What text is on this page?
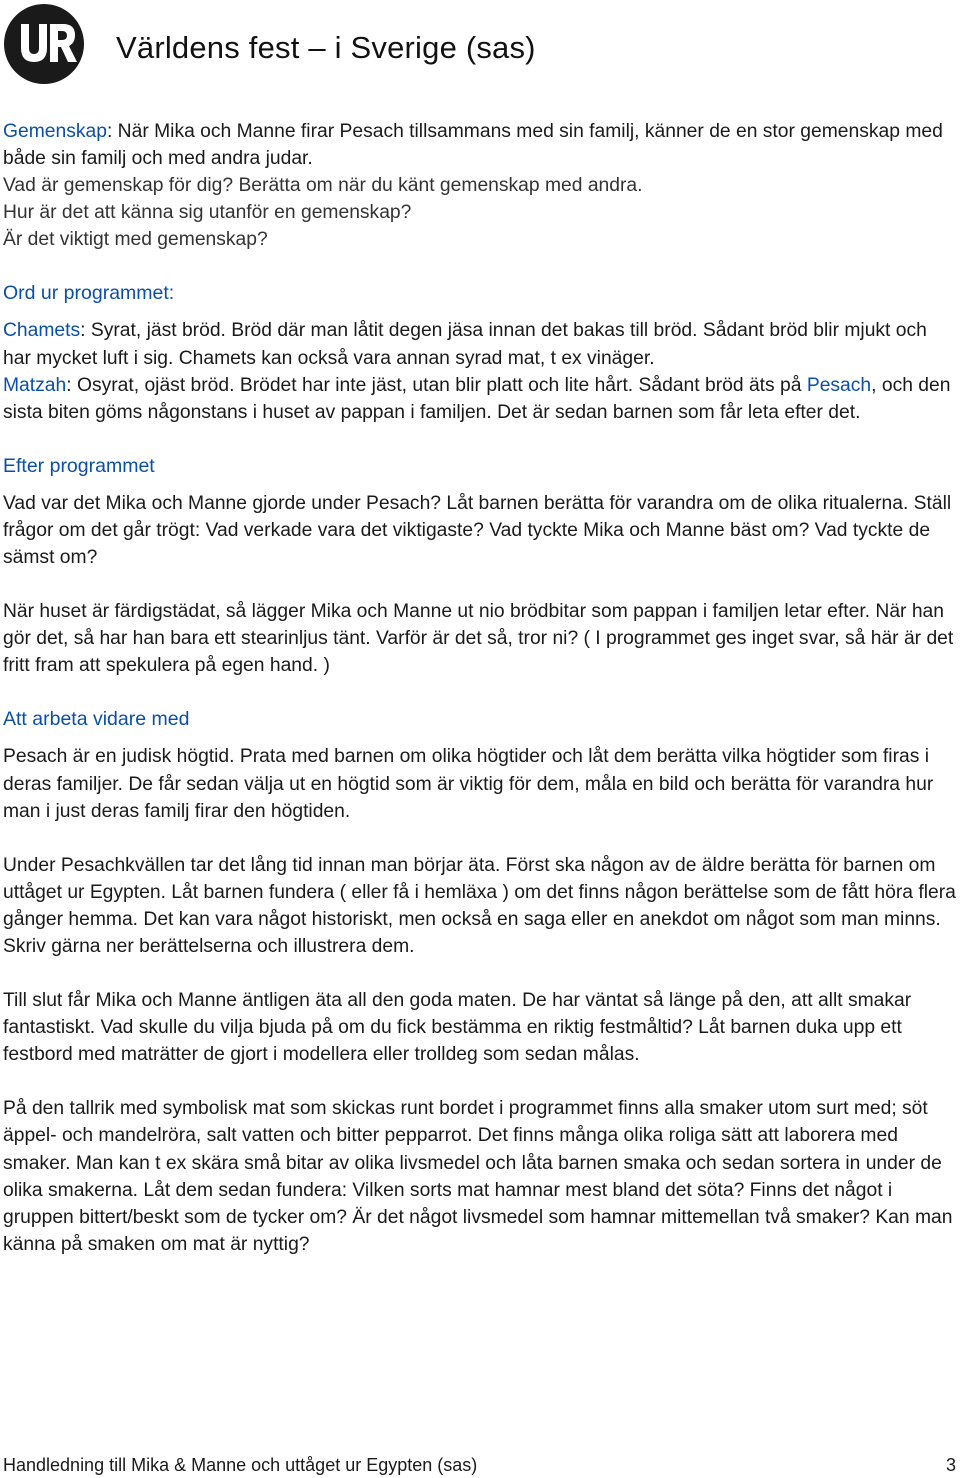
Världens fest – i Sverige (sas)

Gemenskap: När Mika och Manne firar Pesach tillsammans med sin familj, känner de en stor gemenskap med både sin familj och med andra judar.

Vad är gemenskap för dig? Berätta om när du känt gemenskap med andra.

Hur är det att känna sig utanför en gemenskap?

Är det viktigt med gemenskap?

Ord ur programmet:

Chamets: Syrat, jäst bröd. Bröd där man låtit degen jäsa innan det bakas till bröd. Sådant bröd blir mjukt och har mycket luft i sig. Chamets kan också vara annan syrad mat, t ex vinäger.

Matzah: Osyrat, ojäst bröd. Brödet har inte jäst, utan blir platt och lite hårt. Sådant bröd äts på Pesach, och den sista biten göms någonstans i huset av pappan i familjen. Det är sedan barnen som får leta efter det.

Efter programmet

Vad var det Mika och Manne gjorde under Pesach? Låt barnen berätta för varandra om de olika ritualerna. Ställ frågor om det går trögt: Vad verkade vara det viktigaste? Vad tyckte Mika och Manne bäst om? Vad tyckte de sämst om?

När huset är färdigstädat, så lägger Mika och Manne ut nio brödbitar som pappan i familjen letar efter. När han gör det, så har han bara ett stearinljus tänt. Varför är det så, tror ni? ( I programmet ges inget svar, så här är det fritt fram att spekulera på egen hand. )

Att arbeta vidare med

Pesach är en judisk högtid. Prata med barnen om olika högtider och låt dem berätta vilka högtider som firas i deras familjer. De får sedan välja ut en högtid som är viktig för dem, måla en bild och berätta för varandra hur man i just deras familj firar den högtiden.

Under Pesachkvällen tar det lång tid innan man börjar äta. Först ska någon av de äldre berätta för barnen om uttåget ur Egypten. Låt barnen fundera ( eller få i hemläxa ) om det finns någon berättelse som de fått höra flera gånger hemma. Det kan vara något historiskt, men också en saga eller en anekdot om något som man minns. Skriv gärna ner berättelserna och illustrera dem.

Till slut får Mika och Manne äntligen äta all den goda maten. De har väntat så länge på den, att allt smakar fantastiskt. Vad skulle du vilja bjuda på om du fick bestämma en riktig festmåltid? Låt barnen duka upp ett festbord med maträtter de gjort i modellera eller trolldeg som sedan målas.

På den tallrik med symbolisk mat som skickas runt bordet i programmet finns alla smaker utom surt med; söt äppel- och mandelröra, salt vatten och bitter pepparrot. Det finns många olika roliga sätt att laborera med smaker. Man kan t ex skära små bitar av olika livsmedel och låta barnen smaka och sedan sortera in under de olika smakerna. Låt dem sedan fundera: Vilken sorts mat hamnar mest bland det söta? Finns det något i gruppen bittert/beskt som de tycker om? Är det något livsmedel som hamnar mittemellan två smaker? Kan man känna på smaken om mat är nyttig?

Handledning till Mika & Manne och uttåget ur Egypten (sas)	3
